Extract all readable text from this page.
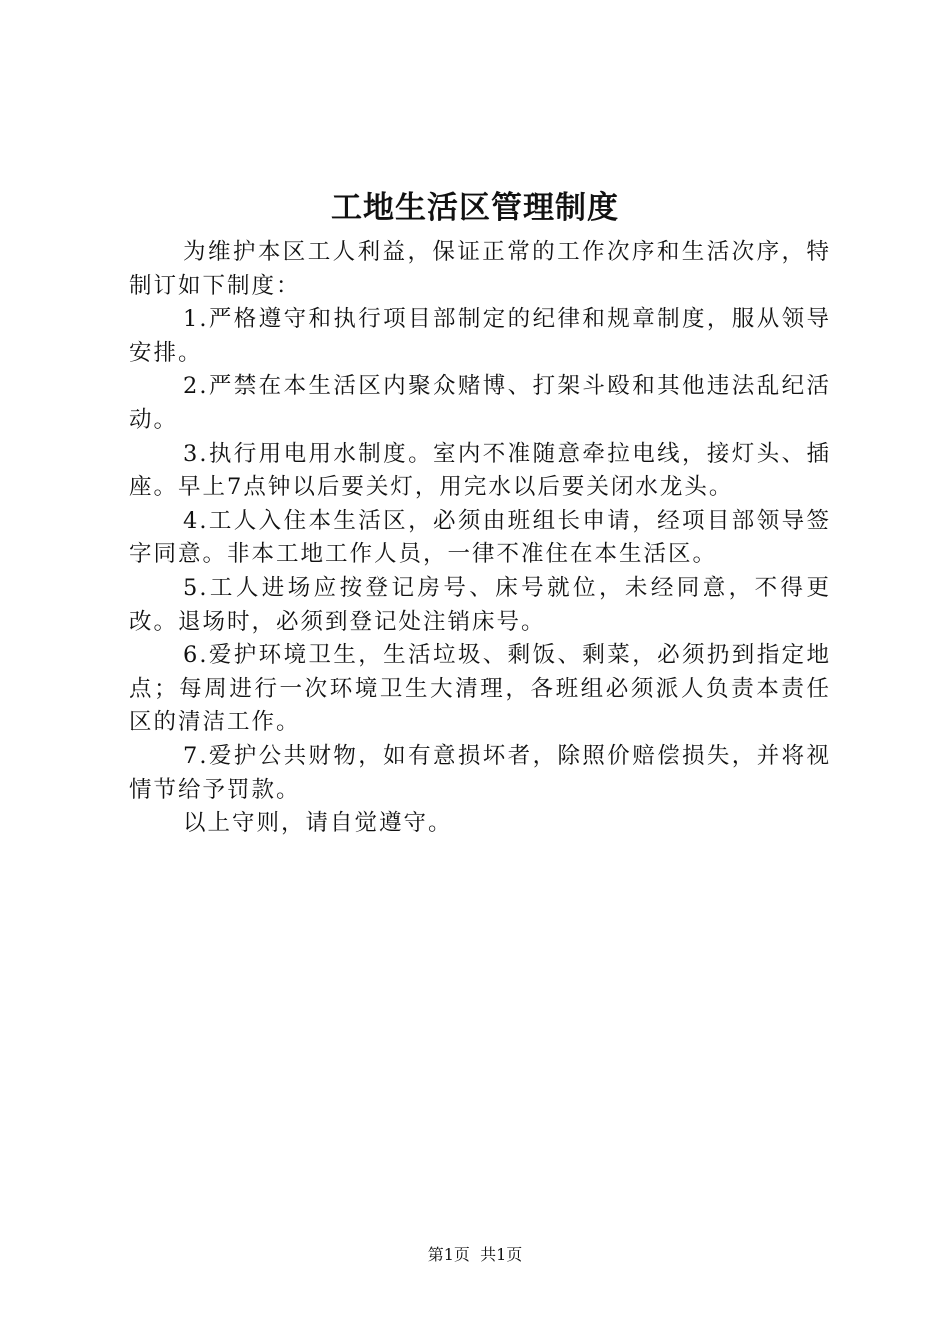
工地生活区管理制度

为维护本区工人利益，保证正常的工作次序和生活次序，特制订如下制度：

1.严格遵守和执行项目部制定的纪律和规章制度，服从领导安排。

2.严禁在本生活区内聚众赌博、打架斗殴和其他违法乱纪活动。

3.执行用电用水制度。室内不准随意牵拉电线，接灯头、插座。早上7点钟以后要关灯，用完水以后要关闭水龙头。

4.工人入住本生活区，必须由班组长申请，经项目部领导签字同意。非本工地工作人员，一律不准住在本生活区。

5.工人进场应按登记房号、床号就位，未经同意，不得更改。退场时，必须到登记处注销床号。

6.爱护环境卫生，生活垃圾、剩饭、剩菜，必须扔到指定地点；每周进行一次环境卫生大清理，各班组必须派人负责本责任区的清洁工作。

7.爱护公共财物，如有意损坏者，除照价赔偿损失，并将视情节给予罚款。

以上守则，请自觉遵守。

第1页  共1页
